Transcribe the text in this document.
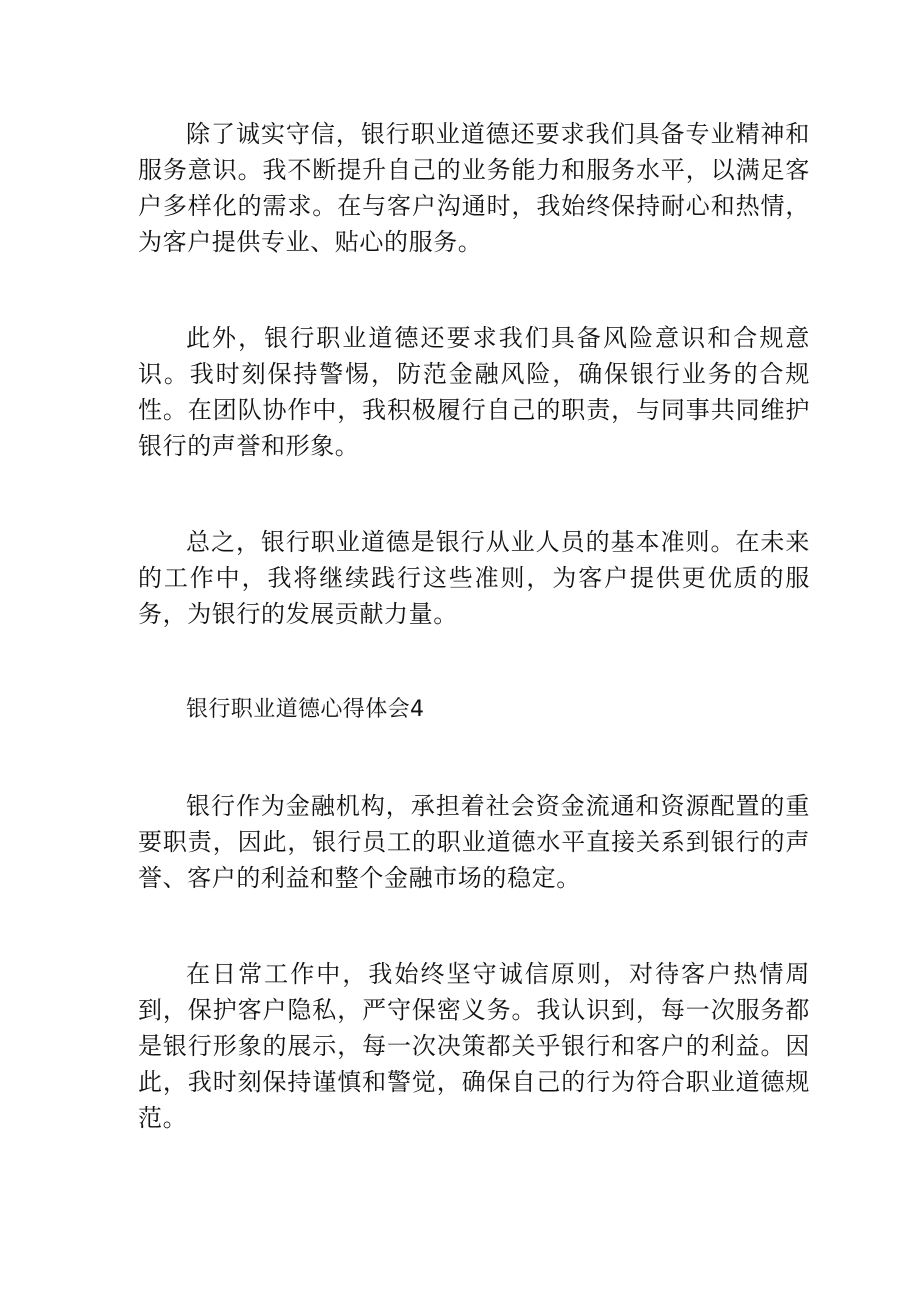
除了诚实守信，银行职业道德还要求我们具备专业精神和服务意识。我不断提升自己的业务能力和服务水平，以满足客户多样化的需求。在与客户沟通时，我始终保持耐心和热情，为客户提供专业、贴心的服务。

此外，银行职业道德还要求我们具备风险意识和合规意识。我时刻保持警惕，防范金融风险，确保银行业务的合规性。在团队协作中，我积极履行自己的职责，与同事共同维护银行的声誉和形象。

总之，银行职业道德是银行从业人员的基本准则。在未来的工作中，我将继续践行这些准则，为客户提供更优质的服务，为银行的发展贡献力量。

银行职业道德心得体会4

银行作为金融机构，承担着社会资金流通和资源配置的重要职责，因此，银行员工的职业道德水平直接关系到银行的声誉、客户的利益和整个金融市场的稳定。

在日常工作中，我始终坚守诚信原则，对待客户热情周到，保护客户隐私，严守保密义务。我认识到，每一次服务都是银行形象的展示，每一次决策都关乎银行和客户的利益。因此，我时刻保持谨慎和警觉，确保自己的行为符合职业道德规范。
